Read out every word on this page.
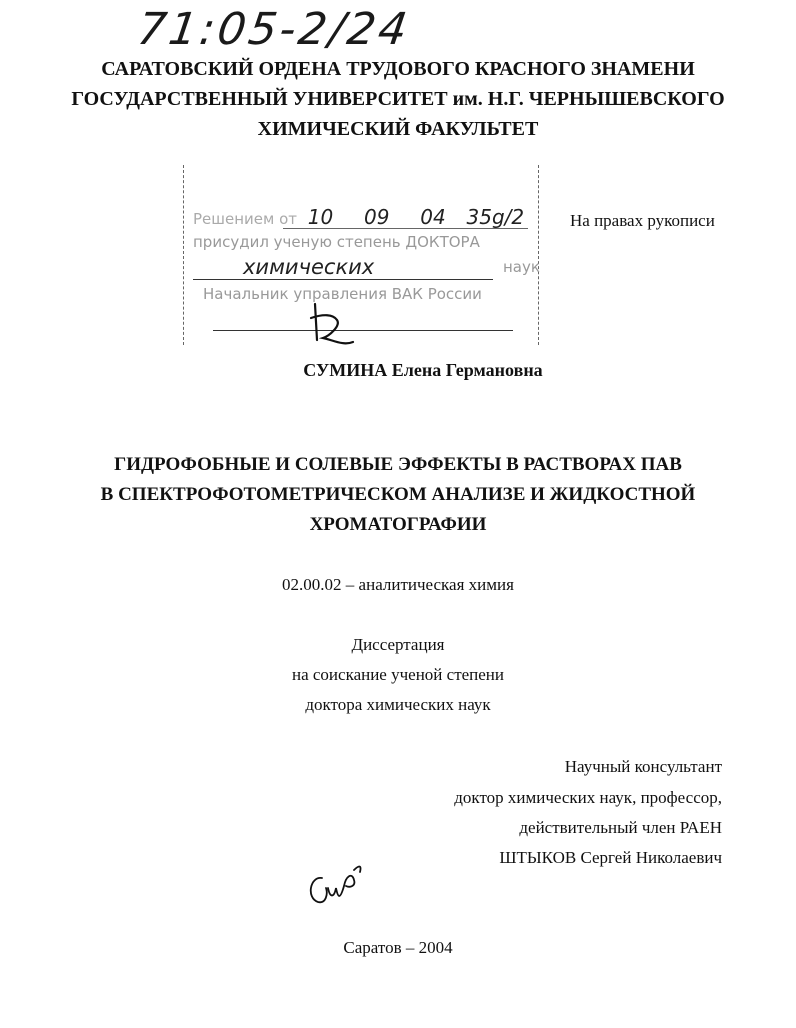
71:05-2/24
САРАТОВСКИЙ ОРДЕНА ТРУДОВОГО КРАСНОГО ЗНАМЕНИ
ГОСУДАРСТВЕННЫЙ УНИВЕРСИТЕТ им. Н.Г. ЧЕРНЫШЕВСКОГО
ХИМИЧЕСКИЙ ФАКУЛЬТЕТ
Решением от 10 09 04 35g/2
присудил ученую степень ДОКТОРА
химических	наук
Начальник управления ВАК России
На правах рукописи
СУМИНА Елена Германовна
ГИДРОФОБНЫЕ И СОЛЕВЫЕ ЭФФЕКТЫ В РАСТВОРАХ ПАВ
В СПЕКТРОФОТОМЕТРИЧЕСКОМ АНАЛИЗЕ И ЖИДКОСТНОЙ
ХРОМАТОГРАФИИ
02.00.02 – аналитическая химия
Диссертация
на соискание ученой степени
доктора химических наук
Научный консультант
доктор химических наук, профессор,
действительный член РАЕН
ШТЫКОВ Сергей Николаевич
Саратов – 2004
